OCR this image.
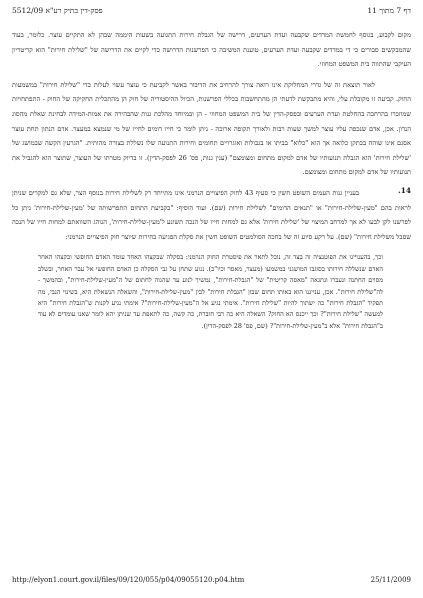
5512/09 פסק-דין בתיק רע"א	דף 7 מתוך 11

מקום לקבוע, בגוסף לחמשת המדדים שקבעה ועדת הערעים, דרישה של הגבלת חירות התגועה בשעות היממה שבהן לא התקיים עוצר. כלומר, בעוד שהמבקשים סבורים כי די במדדים שקבעה ועדת הערעים, טוענת המשיבה כי הפרשנות הדרושה כדי לקיים את הדרישה של "שלילת חירות" הוא קריטריון העיקבי שהתווה בית המשפט המחוזי.

לאור תוצאת זה של גדרי המחלוקת אינו רואה צורך להרחיב את הדיבור באשר לקביעת כי עוצר עשוי לעלות כדי "שלילת חירות" במשמעות החוק. קביעה זו מקובלת עלי, והיא מתבקשת לדעתי הן מהתחשבות בכללי הפרשנות, הכיול ההיסטוריה של חוק הן מהתכלית החקיקה של החוק - התפתחויות שמוזכרו בהרחבה בהחלטת ועדת הערעים ובפסק-הדין של בית המשפט המחוזי - הן ובמיוחד מהלכת גנות שהבהירה את אמות-המידה לבחינת שאלת מהסוג הנדון. אכן, אדם שנכפה עליו עוצר למשך שעות רבות ולאורך תקופה ארוכה - ניתן לומר כי חייו דומים לחייו של מי שנמצא במעצר. אדם הנתון תחת עוצר אסגם אינו שוהה בכתקן כלואה אך הוא "כלוא" בביתו או בגבולות ואוגרויים תחומים וחירות התנועה שלו נשללת בצורה מהותית. "הגרעין הקשה שבמושג של 'שלילת חירות' הוא הגבלת תנועותיו של אדם למקום מתחום ומצומצם" (ענין גנות, פס' 26 לפסק-הדין). זו בדיוק מטרתו של העוצר, שתוצר הוא להגביל את תנועותיו של אדם למקום מתחום ומצומצם.

14.

בעניין גנות העמים השופט חשין כי סעיף 43 לחוק הפיצויים הנרמני אינו מתייחד רק לשלילת חירות בנוסף הצר, שלא גם למקרים שניתן לראות בהם "מעין-שלילת-חירות" או "תנאים הדומים" לשלילת חירות (שם). ועוד הוסיף: "בקביעת התחום התפרשותה של 'מעין-שלילת-חירות' ניתן כל לפרשנו לקן לבעו לא אך למרחב המיצוי של 'שלילת חירות' אלא גם למחות חייו של הנכה תשונע ל'מעין-שלילת-חירות', הנוהג השוואתם למחות חייו של הנכה שסבל משלילת חירות" (שם). על רקע סיוע זה של בחכה הסולמטים השופט חשין את סקלת הפגיעה בחירות שיוצר חוק הפיצויים הנרמני:

וכך, בהענויינו את הפוטנציה זה בצד זה, נוכל לתאר את פיסטרת החוק הנרמני: בסקלה שבקצהו האחד עומד האדם החופשי ובקצהו האחר האדם שנשללה חירותו בסוגבו המושגני במשמעו (מעצר, מאסר וכיו"ב). נגוע שתחן על גבי הסקלה כן האדם החופשי אל עבר האחר, ובשלב מסוים החתנה ונעברו ונתגאה "מאסה קריטית" של "הגבלת-חירות", נמשיך לנוע עד שהגוה לחתום של ה"מעין-שלילת-חירות", ובהמשך - לה"שלילת חירות". אכן, ענייננו הוא באותו תחום שבון "הגבלת חירות" לבין "מעין-שלילת-חירות", והשאלה הנשאלת היא, בשינוי הנבי, מה תפקיד "הגבלת חירות" כה ישתוך להיות "שלילת חירות". אימתי נגיע אל ה"מעין-שלילת-חירות"? אימתי נגיע לקנות ש"הגבלת חירות" היא למעשה "שלילת חירות"? וכך ייכנס הא החוק? השאלה היא כה רבי חוברת, כה קשה, כה לתאפת עד שניתן יהא לומר שאנו עומדים לא עוד ב"הגבלת חירות" אלא ב"מעין-שלילת-חירות"? (שם, פס' 28 לפסק-הדין).

http://elyon1.court.gov.il/files/09/120/055/p04/09055120.p04.htm	25/11/2009
